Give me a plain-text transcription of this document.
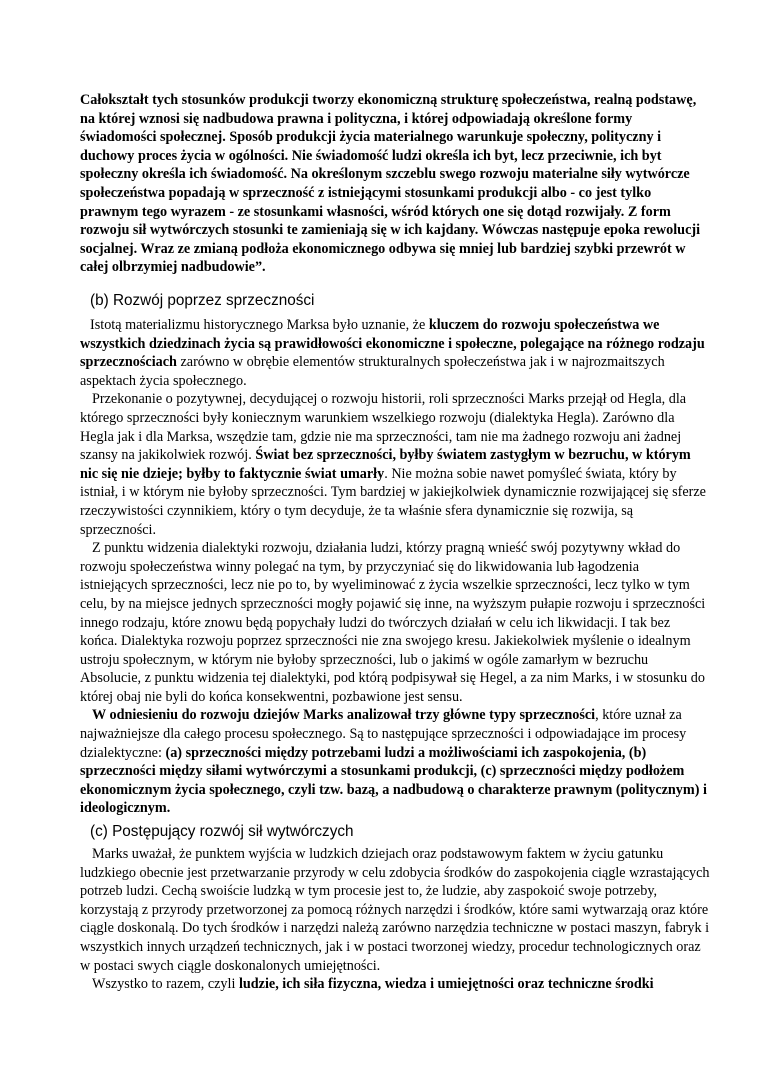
Całokształt tych stosunków produkcji tworzy ekonomiczną strukturę społeczeństwa, realną podstawę, na której wznosi się nadbudowa prawna i polityczna, i której odpowiadają określone formy świadomości społecznej. Sposób produkcji życia materialnego warunkuje społeczny, polityczny i duchowy proces życia w ogólności. Nie świadomość ludzi określa ich byt, lecz przeciwnie, ich byt społeczny określa ich świadomość. Na określonym szczeblu swego rozwoju materialne siły wytwórcze społeczeństwa popadają w sprzeczność z istniejącymi stosunkami produkcji albo - co jest tylko prawnym tego wyrazem - ze stosunkami własności, wśród których one się dotąd rozwijały. Z form rozwoju sił wytwórczych stosunki te zamieniają się w ich kajdany. Wówczas następuje epoka rewolucji socjalnej. Wraz ze zmianą podłoża ekonomicznego odbywa się mniej lub bardziej szybki przewrót w całej olbrzymiej nadbudowie”.
(b) Rozwój poprzez sprzeczności

Istotą materializmu historycznego Marksa było uznanie, że kluczem do rozwoju społeczeństwa we wszystkich dziedzinach życia są prawidłowości ekonomiczne i społeczne, polegające na różnego rodzaju sprzecznościach zarówno w obrębie elementów strukturalnych społeczeństwa jak i w najrozmaitszych aspektach życia społecznego.

Przekonanie o pozytywnej, decydującej o rozwoju historii, roli sprzeczności Marks przejął od Hegla, dla którego sprzeczności były koniecznym warunkiem wszelkiego rozwoju (dialektyka Hegla). Zarówno dla Hegla jak i dla Marksa, wszędzie tam, gdzie nie ma sprzeczności, tam nie ma żadnego rozwoju ani żadnej szansy na jakikolwiek rozwój. Świat bez sprzeczności, byłby światem zastygłym w bezruchu, w którym nic się nie dzieje; byłby to faktycznie świat umarły. Nie można sobie nawet pomyśleć świata, który by istniał, i w którym nie byłoby sprzeczności. Tym bardziej w jakiejkolwiek dynamicznie rozwijającej się sferze rzeczywistości czynnikiem, który o tym decyduje, że ta właśnie sfera dynamicznie się rozwija, są sprzeczności.

Z punktu widzenia dialektyki rozwoju, działania ludzi, którzy pragną wnieść swój pozytywny wkład do rozwoju społeczeństwa winny polegać na tym, by przyczyniać się do likwidowania lub łagodzenia istniejących sprzeczności, lecz nie po to, by wyeliminować z życia wszelkie sprzeczności, lecz tylko w tym celu, by na miejsce jednych sprzeczności mogły pojawić się inne, na wyższym pułapie rozwoju i sprzeczności innego rodzaju, które znowu będą popychały ludzi do twórczych działań w celu ich likwidacji. I tak bez końca. Dialektyka rozwoju poprzez sprzeczności nie zna swojego kresu. Jakiekolwiek myślenie o idealnym ustroju społecznym, w którym nie byłoby sprzeczności, lub o jakimś w ogóle zamarłym w bezruchu Absolucie, z punktu widzenia tej dialektyki, pod którą podpisywał się Hegel, a za nim Marks, i w stosunku do której obaj nie byli do końca konsekwentni, pozbawione jest sensu.

W odniesieniu do rozwoju dziejów Marks analizował trzy główne typy sprzeczności, które uznał za najważniejsze dla całego procesu społecznego. Są to następujące sprzeczności i odpowiadające im procesy dzialektyczne: (a) sprzeczności między potrzebami ludzi a możliwościami ich zaspokojenia, (b) sprzeczności między siłami wytwórczymi a stosunkami produkcji, (c) sprzeczności między podłożem ekonomicznym życia społecznego, czyli tzw. bazą, a nadbudową o charakterze prawnym (politycznym) i ideologicznym.

(c) Postępujący rozwój sił wytwórczych

Marks uważał, że punktem wyjścia w ludzkich dziejach oraz podstawowym faktem w życiu gatunku ludzkiego obecnie jest przetwarzanie przyrody w celu zdobycia środków do zaspokojenia ciągle wzrastających potrzeb ludzi. Cechą swoiście ludzką w tym procesie jest to, że ludzie, aby zaspokoić swoje potrzeby, korzystają z przyrody przetworzonej za pomocą różnych narzędzi i środków, które sami wytwarzają oraz które ciągle doskonalą. Do tych środków i narzędzi należą zarówno narzędzia techniczne w postaci maszyn, fabryk i wszystkich innych urządzeń technicznych, jak i w postaci tworzonej wiedzy, procedur technologicznych oraz w postaci swych ciągle doskonalonych umiejętności.

Wszystko to razem, czyli ludzie, ich siła fizyczna, wiedza i umiejętności oraz techniczne środki
